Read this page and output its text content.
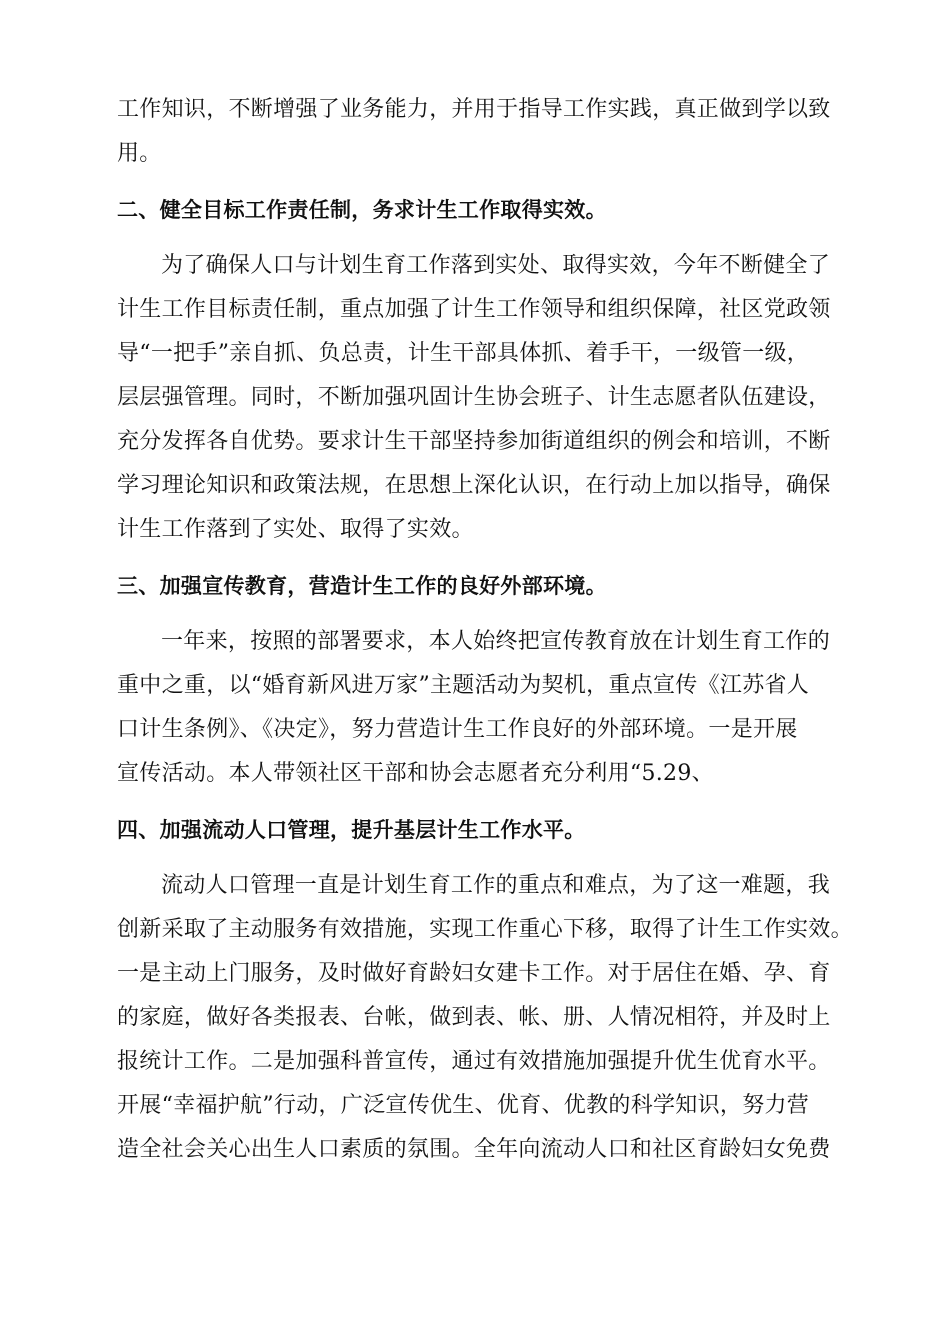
工作知识，不断增强了业务能力，并用于指导工作实践，真正做到学以致
用。
二、健全目标工作责任制，务求计生工作取得实效。
为了确保人口与计划生育工作落到实处、取得实效，今年不断健全了
计生工作目标责任制，重点加强了计生工作领导和组织保障，社区党政领
导“一把手”亲自抓、负总责，计生干部具体抓、着手干，一级管一级，
层层强管理。同时，不断加强巩固计生协会班子、计生志愿者队伍建设，
充分发挥各自优势。要求计生干部坚持参加街道组织的例会和培训，不断
学习理论知识和政策法规，在思想上深化认识，在行动上加以指导，确保
计生工作落到了实处、取得了实效。
三、加强宣传教育，营造计生工作的良好外部环境。
一年来，按照的部署要求，本人始终把宣传教育放在计划生育工作的
重中之重，以“婚育新风进万家”主题活动为契机，重点宣传《江苏省人
口计生条例》、《决定》，努力营造计生工作良好的外部环境。一是开展
宣传活动。本人带领社区干部和协会志愿者充分利用“5.29、
四、加强流动人口管理，提升基层计生工作水平。
流动人口管理一直是计划生育工作的重点和难点，为了这一难题，我
创新采取了主动服务有效措施，实现工作重心下移，取得了计生工作实效。
一是主动上门服务，及时做好育龄妇女建卡工作。对于居住在婚、孕、育
的家庭，做好各类报表、台帐，做到表、帐、册、人情况相符，并及时上
报统计工作。二是加强科普宣传，通过有效措施加强提升优生优育水平。
开展“幸福护航”行动，广泛宣传优生、优育、优教的科学知识，努力营
造全社会关心出生人口素质的氛围。全年向流动人口和社区育龄妇女免费
